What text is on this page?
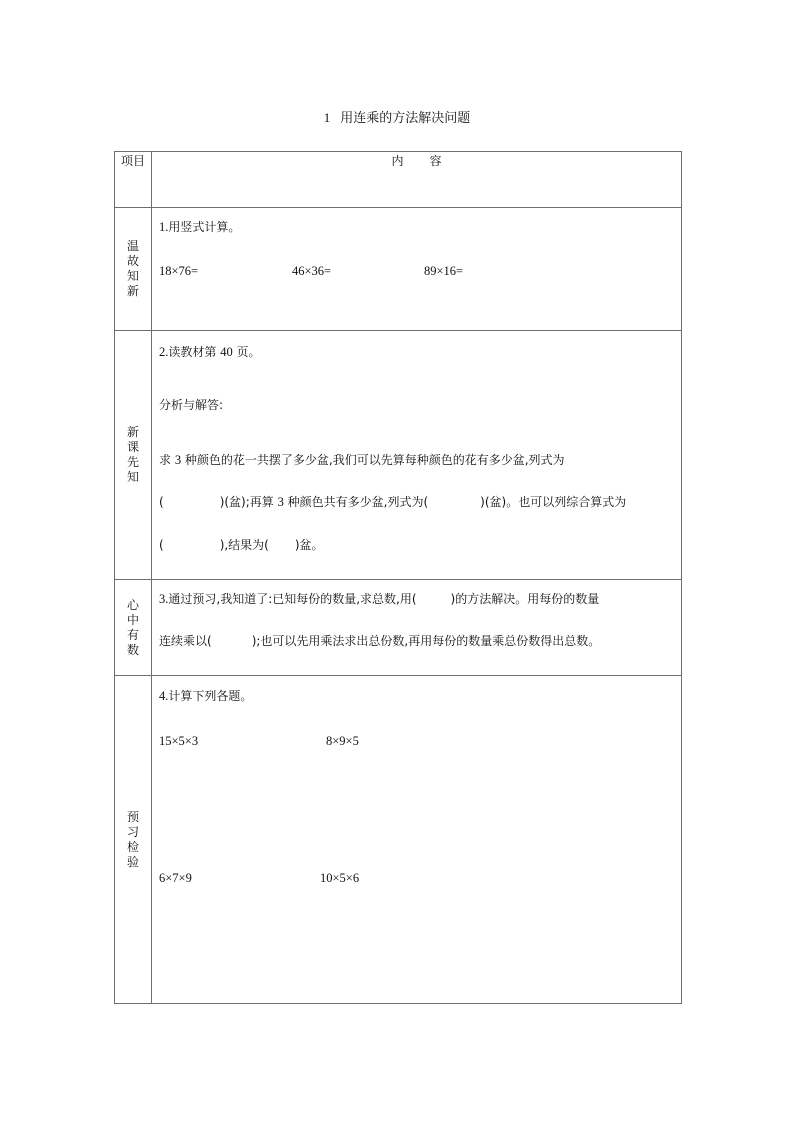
1 用连乘的方法解决问题
项目	内 容
温故知新	1.用竖式计算。
18×76= 46×36= 89×16=

新课先知	2.读教材第 40 页。
分析与解答:
求 3 种颜色的花一共摆了多少盆,我们可以先算每种颜色的花有多少盆,列式为
( )(盆);再算 3 种颜色共有多少盆,列式为( )(盆)。也可以列综合算式为
( ),结果为( )盆。

心中有数	3.通过预习,我知道了:已知每份的数量,求总数,用( )的方法解决。用每份的数量
连续乘以( );也可以先用乘法求出总份数,再用每份的数量乘总份数得出总数。

预习检验	4.计算下列各题。
15×5×3 8×9×5
6×7×9 10×5×6
